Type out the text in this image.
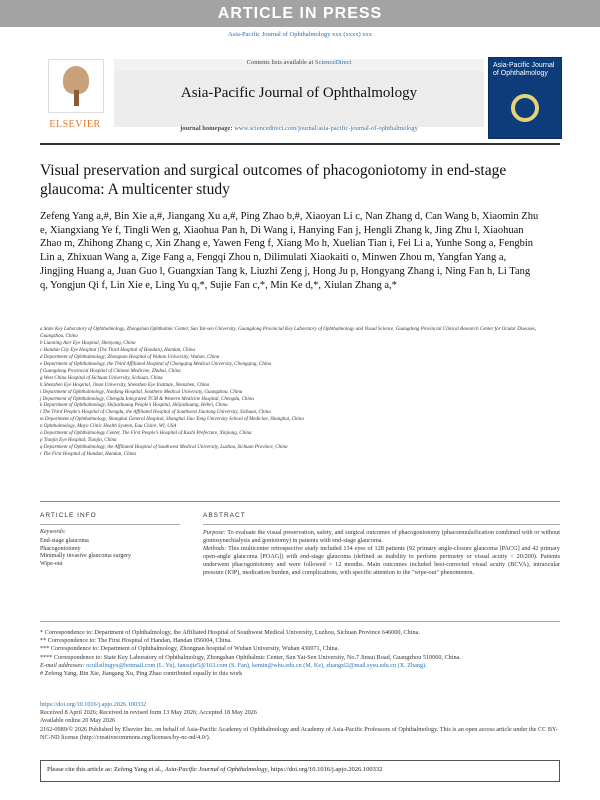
ARTICLE IN PRESS
Asia-Pacific Journal of Ophthalmology xxx (xxxx) xxx
ELSEVIER
Contents lists available at ScienceDirect
Asia-Pacific Journal of Ophthalmology
journal homepage: www.sciencedirect.com/journal/asia-pacific-journal-of-ophthalmology
Asia-Pacific Journal of Ophthalmology
Visual preservation and surgical outcomes of phacogoniotomy in end-stage glaucoma: A multicenter study
Zefeng Yang a,#, Bin Xie a,#, Jiangang Xu a,#, Ping Zhao b,#, Xiaoyan Li c, Nan Zhang d, Can Wang b, Xiaomin Zhu e, Xiangxiang Ye f, Tingli Wen g, Xiaohua Pan h, Di Wang i, Hanying Fan j, Hengli Zhang k, Jing Zhu l, Xiaohuan Zhao m, Zhihong Zhang c, Xin Zhang e, Yawen Feng f, Xiang Mo h, Xuelian Tian i, Fei Li a, Yunhe Song a, Fengbin Lin a, Zhixuan Wang a, Zige Fang a, Fengqi Zhou n, Dilimulati Xiaokaiti o, Minwen Zhou m, Yangfan Yang a, Jingjing Huang a, Juan Guo l, Guangxian Tang k, Liuzhi Zeng j, Hong Ju p, Hongyang Zhang i, Ning Fan h, Li Tang q, Yongjun Qi f, Lin Xie e, Ling Yu q,*, Sujie Fan c,*, Min Ke d,*, Xiulan Zhang a,*
a State Key Laboratory of Ophthalmology, Zhongshan Ophthalmic Center, Sun Yat-sen University, Guangdong Provincial Key Laboratory of Ophthalmology and Visual Science, Guangdong Provincial Clinical Research Center for Ocular Diseases, Guangzhou, China
b Liaoning Aier Eye Hospital, Shenyang, China
c Handan City Eye Hospital (The Third Hospital of Handan), Handan, China
d Department of Ophthalmology, Zhongnan Hospital of Wuhan University, Wuhan, China
e Department of Ophthalmology, the Third Affiliated Hospital of Chongqing Medical University, Chongqing, China
f Guangdong Provincial Hospital of Chinese Medicine, Zhuhai, China
g West China Hospital of Sichuan University, Sichuan, China
h Shenzhen Eye Hospital, Jinan University, Shenzhen Eye Institute, Shenzhen, China
i Department of Ophthalmology, Nanfang Hospital, Southern Medical University, Guangzhou, China
j Department of Ophthalmology, Chengdu Integrated TCM & Western Medicine Hospital, Chengdu, China
k Department of Ophthalmology, Shijiazhuang People's Hospital, Shijiazhuang, Hebei, China
l The Third People's Hospital of Chengdu, the Affiliated Hospital of Southwest Jiaotong University, Sichuan, China
m Department of Ophthalmology, Shanghai General Hospital, Shanghai Jiao Tong University School of Medicine, Shanghai, China
n Ophthalmology, Mayo Clinic Health System, Eau Claire, WI, USA
o Department of Ophthalmology Center, The First People's Hospital of Kashi Prefecture, Xinjiang, China
p Tianjin Eye Hospital, Tianjin, China
q Department of Ophthalmology, the Affiliated Hospital of Southwest Medical University, Luzhou, Sichuan Province, China
r The First Hospital of Handan, Handan, China
ARTICLE INFO	ABSTRACT
Keywords:
End-stage glaucoma
Phacogoniotomy
Minimally invasive glaucoma surgery
Wipe-out
Purpose: To evaluate the visual preservation, safety, and surgical outcomes of phacogoniotomy (phacoemulsification combined with or without goniosynechialysis and goniotomy) in patients with end-stage glaucoma.
Methods: This multicenter retrospective study included 134 eyes of 128 patients (92 primary angle-closure glaucoma [PACG] and 42 primary open-angle glaucoma [POAG]) with end-stage glaucoma (defined as inability to perform perimetry or visual acuity < 20/200). Patients underwent phacogoniotomy and were followed > 12 months. Main outcomes included best-corrected visual acuity (BCVA), intraocular pressure (IOP), medication burden, and complications, with specific attention to the "wipe-out" phenomenon.
* Correspondence to: Department of Ophthalmology, the Affiliated Hospital of Southwest Medical University, Luzhou, Sichuan Province 646000, China.
** Correspondence to: The First Hospital of Handan, Handan 056004, China.
*** Correspondence to: Department of Ophthalmology, Zhongnan hospital of Wuhan University, Wuhan 430071, China.
**** Correspondence to: State Key Laboratory of Ophthalmology, Zhongshan Ophthalmic Center, Sun Yat-Sen University, No.7 Jinsui Road, Guangzhou 510060, China.
E-mail addresses: ocullstlingyu@hotmail.com (L. Yu), fansujie5@163.com (S. Fan), kemin@whu.edu.cn (M. Ke), zhangxl2@mail.sysu.edu.cn (X. Zhang).
# Zefeng Yang, Bin Xie, Jiangang Xu, Ping Zhao contributed equally to this work
https://doi.org/10.1016/j.apjo.2026.100332
Received 8 April 2026; Received in revised form 13 May 2026; Accepted 18 May 2026
Available online 20 May 2026
2162-0989/© 2026 Published by Elsevier Inc. on behalf of Asia-Pacific Academy of Ophthalmology and Academy of Asia-Pacific Professors of Ophthalmology. This is an open access article under the CC BY-NC-ND license (http://creativecommons.org/licenses/by-nc-nd/4.0/).
Please cite this article as: Zefeng Yang et al., Asia-Pacific Journal of Ophthalmology, https://doi.org/10.1016/j.apjo.2026.100332
